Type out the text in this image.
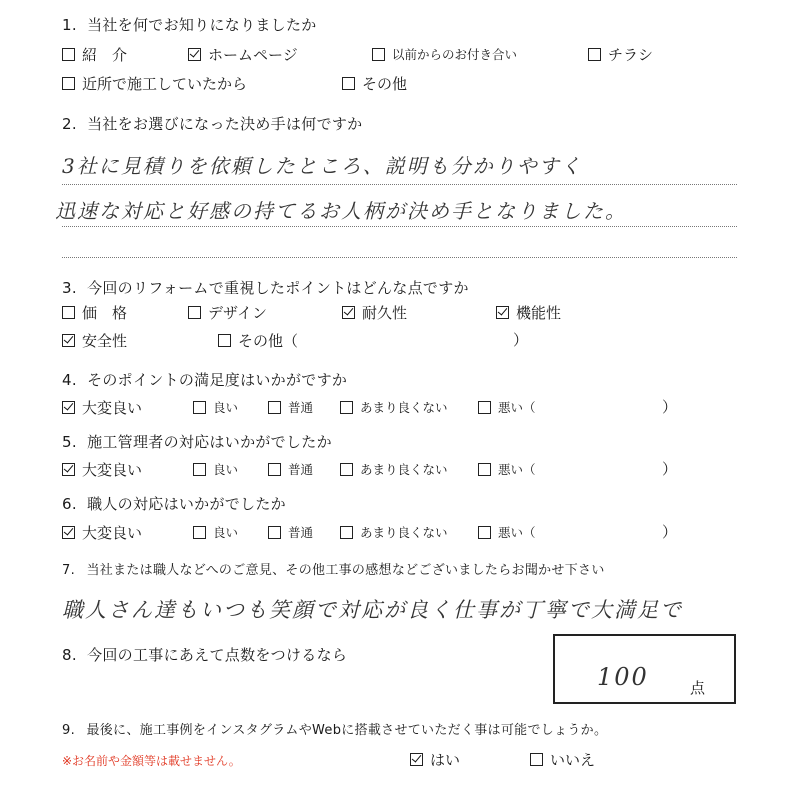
1. 当社を何でお知りになりましたか
紹　介	ホームページ	以前からのお付き合い	チラシ
近所で施工していたから	その他
2. 当社をお選びになった決め手は何ですか
3社に見積りを依頼したところ、説明も分かりやすく
迅速な対応と好感の持てるお人柄が決め手となりました。
3. 今回のリフォームで重視したポイントはどんな点ですか
価　格	デザイン	耐久性	機能性
安全性	その他（	）
4. そのポイントの満足度はいかがですか
大変良い	良い	普通	あまり良くない	悪い（	）
5. 施工管理者の対応はいかがでしたか
大変良い	良い	普通	あまり良くない	悪い（	）
6. 職人の対応はいかがでしたか
大変良い	良い	普通	あまり良くない	悪い（	）
7. 当社または職人などへのご意見、その他工事の感想などございましたらお聞かせ下さい
職人さん達もいつも笑顔で対応が良く仕事が丁寧で大満足で
8. 今回の工事にあえて点数をつけるなら
100	点
9. 最後に、施工事例をインスタグラムやWebに搭載させていただく事は可能でしょうか。
※お名前や金額等は載せません。	はい	いいえ
